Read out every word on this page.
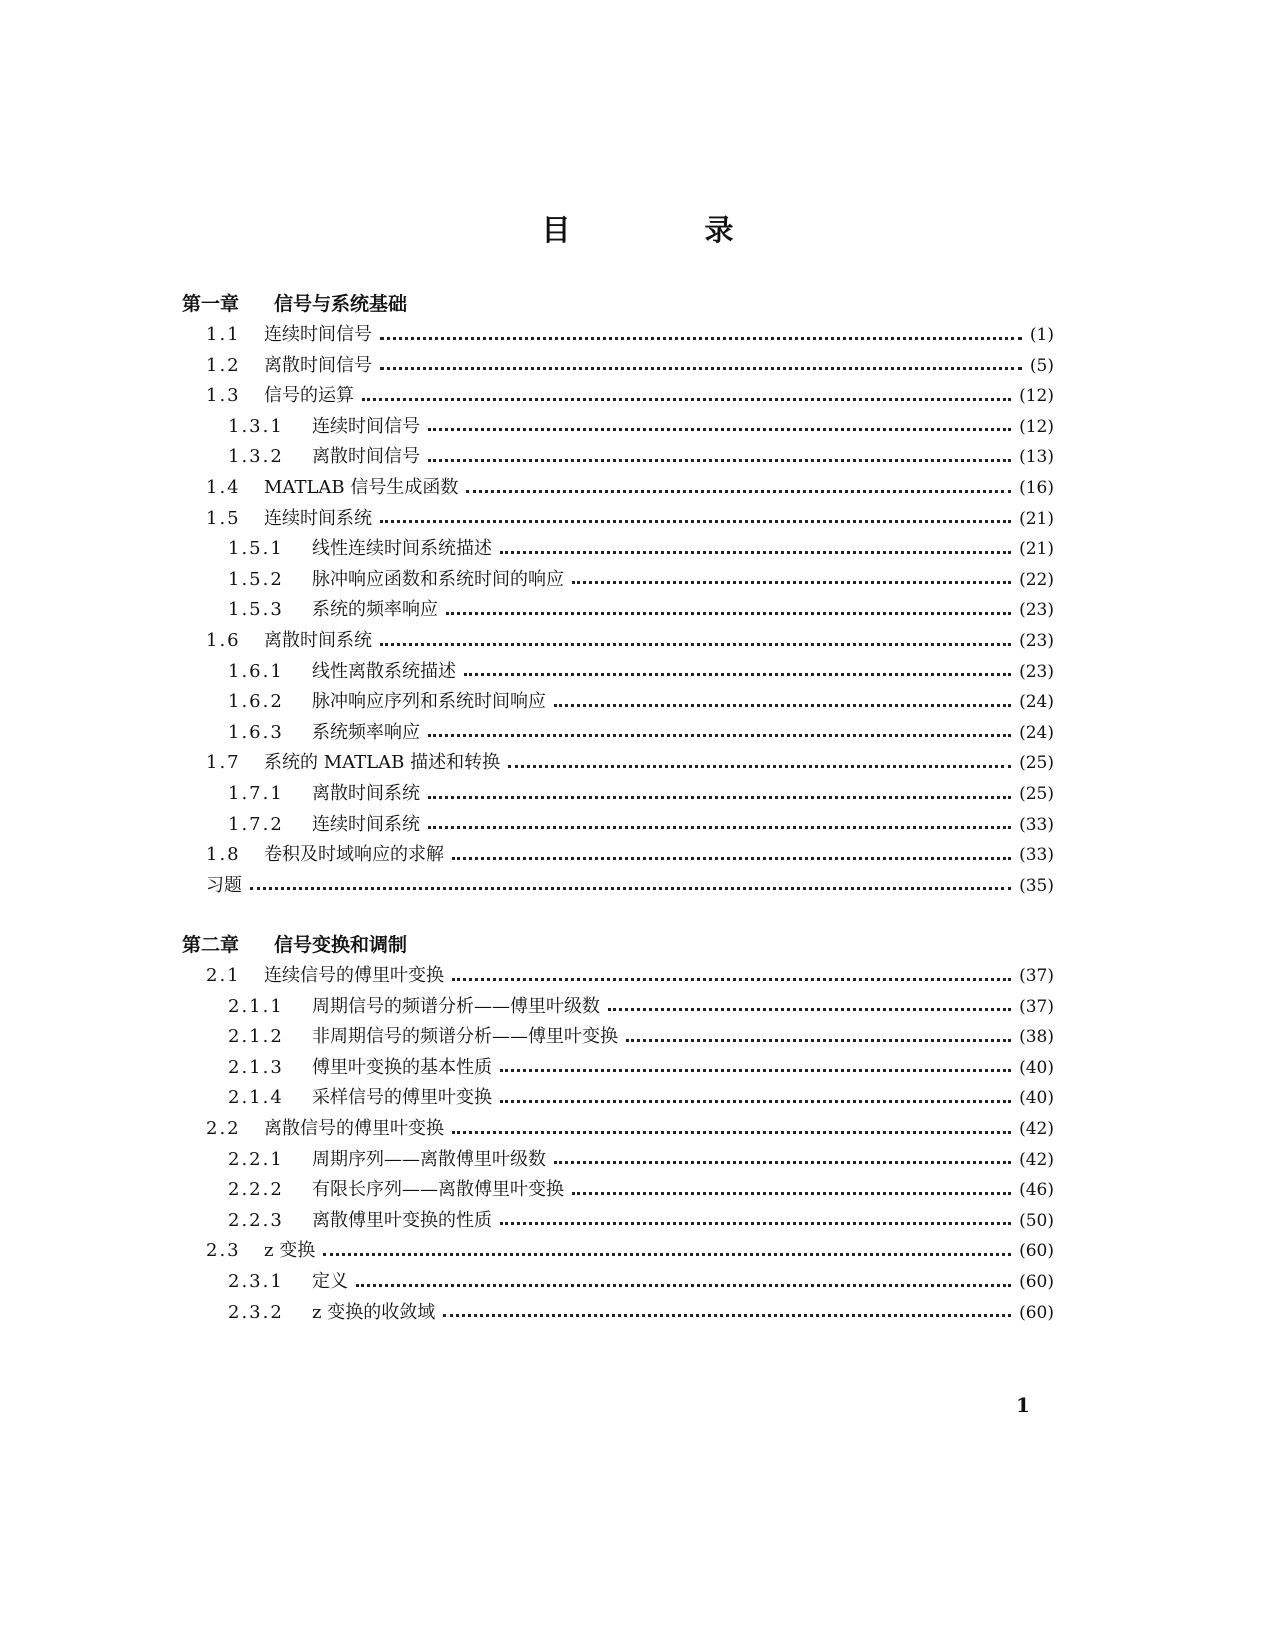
目 录
第一章 信号与系统基础
1.1	连续时间信号	(1)
1.2	离散时间信号	(5)
1.3	信号的运算	(12)
1.3.1	连续时间信号	(12)
1.3.2	离散时间信号	(13)
1.4	MATLAB 信号生成函数	(16)
1.5	连续时间系统	(21)
1.5.1	线性连续时间系统描述	(21)
1.5.2	脉冲响应函数和系统时间的响应	(22)
1.5.3	系统的频率响应	(23)
1.6	离散时间系统	(23)
1.6.1	线性离散系统描述	(23)
1.6.2	脉冲响应序列和系统时间响应	(24)
1.6.3	系统频率响应	(24)
1.7	系统的 MATLAB 描述和转换	(25)
1.7.1	离散时间系统	(25)
1.7.2	连续时间系统	(33)
1.8	卷积及时域响应的求解	(33)
习题	(35)
第二章 信号变换和调制
2.1	连续信号的傅里叶变换	(37)
2.1.1	周期信号的频谱分析——傅里叶级数	(37)
2.1.2	非周期信号的频谱分析——傅里叶变换	(38)
2.1.3	傅里叶变换的基本性质	(40)
2.1.4	采样信号的傅里叶变换	(40)
2.2	离散信号的傅里叶变换	(42)
2.2.1	周期序列——离散傅里叶级数	(42)
2.2.2	有限长序列——离散傅里叶变换	(46)
2.2.3	离散傅里叶变换的性质	(50)
2.3	z 变换	(60)
2.3.1	定义	(60)
2.3.2	z 变换的收敛域	(60)
1
